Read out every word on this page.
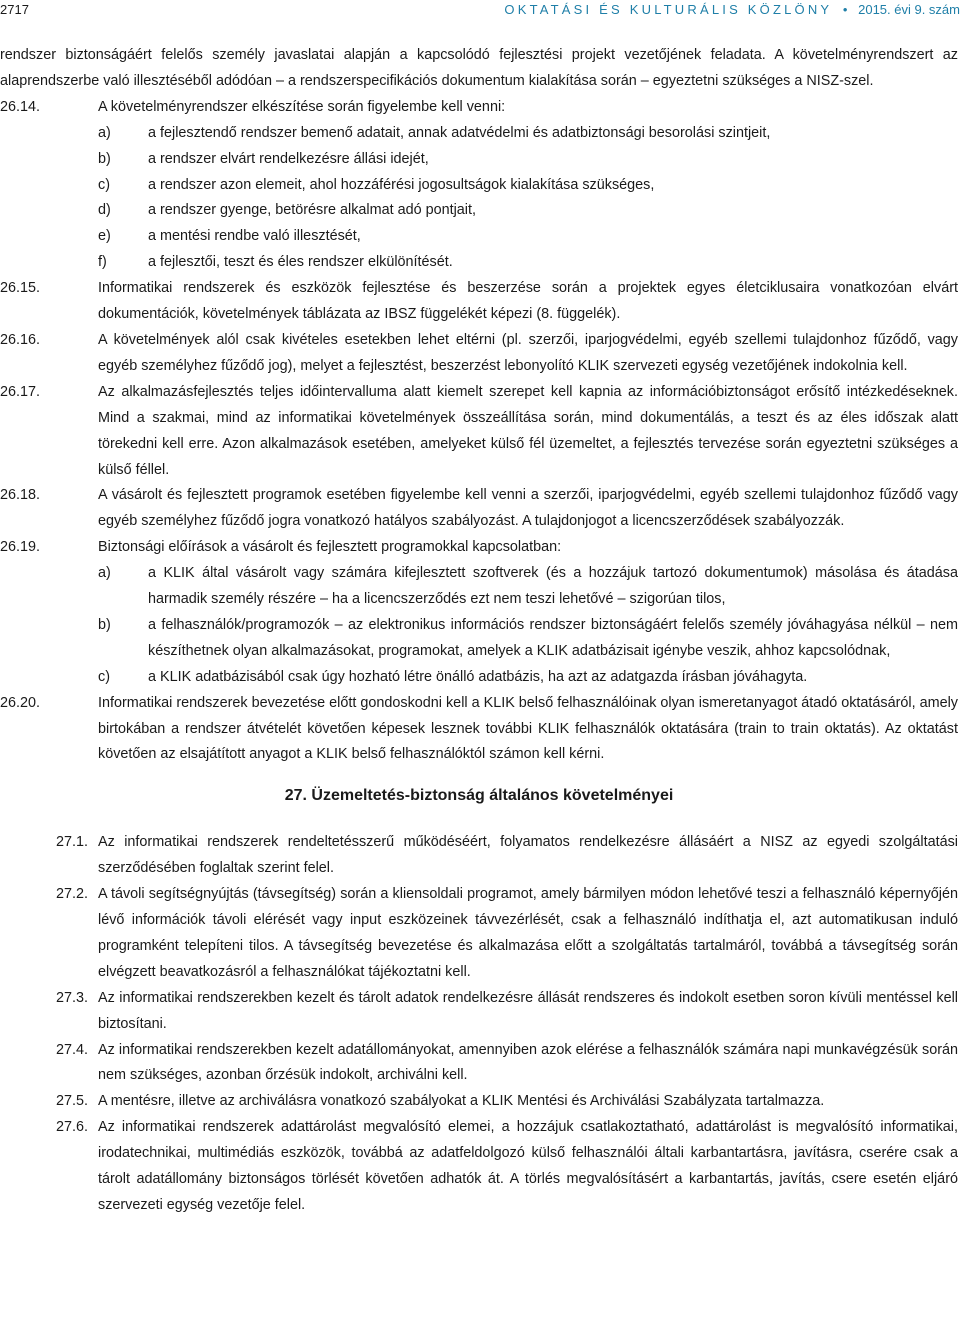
2717	OKTATÁSI ÉS KULTURÁLIS KÖZLÖNY • 2015. évi 9. szám

rendszer biztonságáért felelős személy javaslatai alapján a kapcsolódó fejlesztési projekt vezetőjének feladata. A követelményrendszert az alaprendszerbe való illesztéséből adódóan – a rendszerspecifikációs dokumentum kialakítása során – egyeztetni szükséges a NISZ-szel.

26.14.	A követelményrendszer elkészítése során figyelembe kell venni:
a)	a fejlesztendő rendszer bemenő adatait, annak adatvédelmi és adatbiztonsági besorolási szintjeit,
b)	a rendszer elvárt rendelkezésre állási idejét,
c)	a rendszer azon elemeit, ahol hozzáférési jogosultságok kialakítása szükséges,
d)	a rendszer gyenge, betörésre alkalmat adó pontjait,
e)	a mentési rendbe való illesztését,
f)	a fejlesztői, teszt és éles rendszer elkülönítését.
26.15.	Informatikai rendszerek és eszközök fejlesztése és beszerzése során a projektek egyes életciklusaira vonatkozóan elvárt dokumentációk, követelmények táblázata az IBSZ függelékét képezi (8. függelék).
26.16.	A követelmények alól csak kivételes esetekben lehet eltérni (pl. szerzői, iparjogvédelmi, egyéb szellemi tulajdonhoz fűződő, vagy egyéb személyhez fűződő jog), melyet a fejlesztést, beszerzést lebonyolító KLIK szervezeti egység vezetőjének indokolnia kell.
26.17.	Az alkalmazásfejlesztés teljes időintervalluma alatt kiemelt szerepet kell kapnia az információbiztonságot erősítő intézkedéseknek. Mind a szakmai, mind az informatikai követelmények összeállítása során, mind dokumentálás, a teszt és az éles időszak alatt törekedni kell erre. Azon alkalmazások esetében, amelyeket külső fél üzemeltet, a fejlesztés tervezése során egyeztetni szükséges a külső féllel.
26.18.	A vásárolt és fejlesztett programok esetében figyelembe kell venni a szerzői, iparjogvédelmi, egyéb szellemi tulajdonhoz fűződő vagy egyéb személyhez fűződő jogra vonatkozó hatályos szabályozást. A tulajdonjogot a licencszerződések szabályozzák.
26.19.	Biztonsági előírások a vásárolt és fejlesztett programokkal kapcsolatban:
a)	a KLIK által vásárolt vagy számára kifejlesztett szoftverek (és a hozzájuk tartozó dokumentumok) másolása és átadása harmadik személy részére – ha a licencszerződés ezt nem teszi lehetővé – szigorúan tilos,
b)	a felhasználók/programozók – az elektronikus információs rendszer biztonságáért felelős személy jóváhagyása nélkül – nem készíthetnek olyan alkalmazásokat, programokat, amelyek a KLIK adatbázisait igénybe veszik, ahhoz kapcsolódnak,
c)	a KLIK adatbázisából csak úgy hozható létre önálló adatbázis, ha azt az adatgazda írásban jóváhagyta.
26.20.	Informatikai rendszerek bevezetése előtt gondoskodni kell a KLIK belső felhasználóinak olyan ismeretanyagot átadó oktatásáról, amely birtokában a rendszer átvételét követően képesek lesznek további KLIK felhasználók oktatására (train to train oktatás). Az oktatást követően az elsajátított anyagot a KLIK belső felhasználóktól számon kell kérni.
27. Üzemeltetés-biztonság általános követelményei
27.1. Az informatikai rendszerek rendeltetésszerű működéséért, folyamatos rendelkezésre állásáért a NISZ az egyedi szolgáltatási szerződésében foglaltak szerint felel.
27.2. A távoli segítségnyújtás (távsegítség) során a kliensoldali programot, amely bármilyen módon lehetővé teszi a felhasználó képernyőjén lévő információk távoli elérését vagy input eszközeinek távvezérlését, csak a felhasználó indíthatja el, azt automatikusan induló programként telepíteni tilos. A távsegítség bevezetése és alkalmazása előtt a szolgáltatás tartalmáról, továbbá a távsegítség során elvégzett beavatkozásról a felhasználókat tájékoztatni kell.
27.3. Az informatikai rendszerekben kezelt és tárolt adatok rendelkezésre állását rendszeres és indokolt esetben soron kívüli mentéssel kell biztosítani.
27.4. Az informatikai rendszerekben kezelt adatállományokat, amennyiben azok elérése a felhasználók számára napi munkavégzésük során nem szükséges, azonban őrzésük indokolt, archiválni kell.
27.5. A mentésre, illetve az archiválásra vonatkozó szabályokat a KLIK Mentési és Archiválási Szabályzata tartalmazza.
27.6. Az informatikai rendszerek adattárolást megvalósító elemei, a hozzájuk csatlakoztatható, adattárolást is megvalósító informatikai, irodatechnikai, multimédiás eszközök, továbbá az adatfeldolgozó külső felhasználói általi karbantartásra, javításra, cserére csak a tárolt adatállomány biztonságos törlését követően adhatók át. A törlés megvalósításért a karbantartás, javítás, csere esetén eljáró szervezeti egység vezetője felel.
